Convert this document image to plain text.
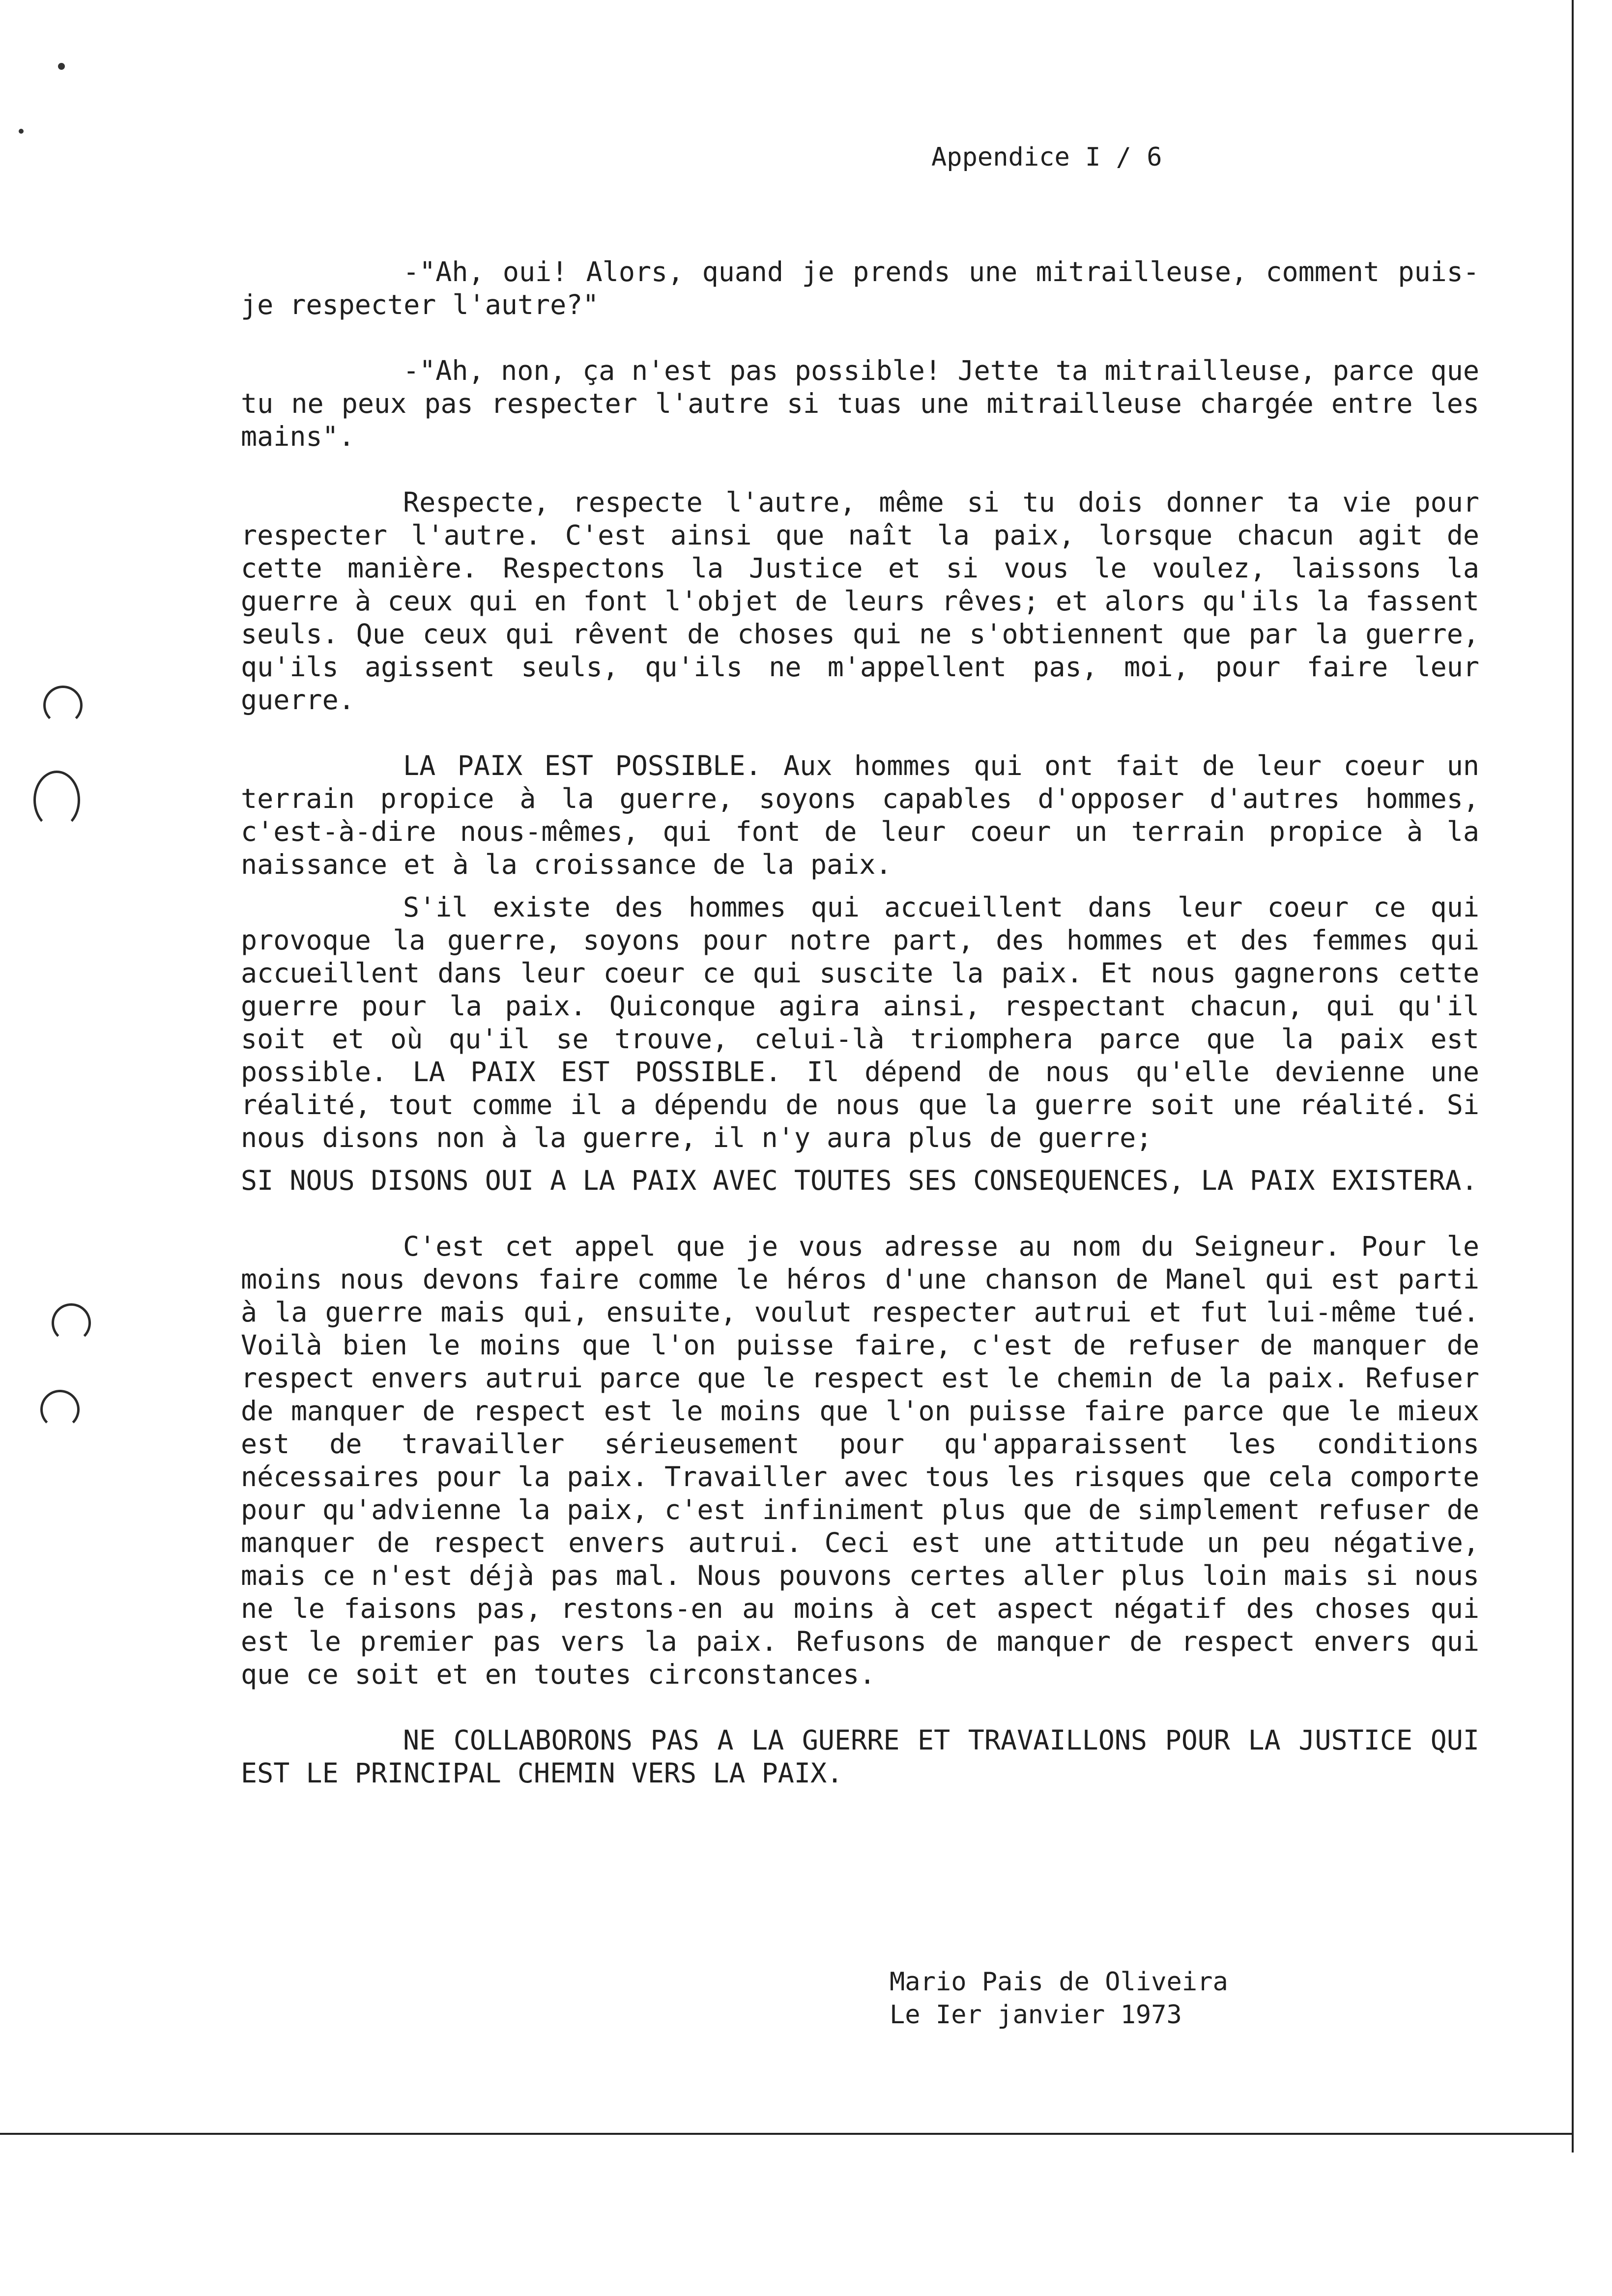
Appendice I / 6

-"Ah, oui! Alors, quand je prends une mitrailleuse, comment puis-je respecter l'autre?"

-"Ah, non, ça n'est pas possible! Jette ta mitrailleuse, parce que tu ne peux pas respecter l'autre si tuas une mitrailleuse chargée entre les mains".

Respecte, respecte l'autre, même si tu dois donner ta vie pour respecter l'autre. C'est ainsi que naît la paix, lorsque chacun agit de cette manière. Respectons la Justice et si vous le voulez, laissons la guerre à ceux qui en font l'objet de leurs rêves; et alors qu'ils la fassent seuls. Que ceux qui rêvent de choses qui ne s'obtiennent que par la guerre, qu'ils agissent seuls, qu'ils ne m'appellent pas, moi, pour faire leur guerre.

LA PAIX EST POSSIBLE. Aux hommes qui ont fait de leur coeur un terrain propice à la guerre, soyons capables d'opposer d'autres hommes, c'est-à-dire nous-mêmes, qui font de leur coeur un terrain propice à la naissance et à la croissance de la paix.

S'il existe des hommes qui accueillent dans leur coeur ce qui provoque la guerre, soyons pour notre part, des hommes et des femmes qui accueillent dans leur coeur ce qui suscite la paix. Et nous gagnerons cette guerre pour la paix. Quiconque agira ainsi, respectant chacun, qui qu'il soit et où qu'il se trouve, celui-là triomphera parce que la paix est possible. LA PAIX EST POSSIBLE. Il dépend de nous qu'elle devienne une réalité, tout comme il a dépendu de nous que la guerre soit une réalité. Si nous disons non à la guerre, il n'y aura plus de guerre;

SI NOUS DISONS OUI A LA PAIX AVEC TOUTES SES CONSEQUENCES, LA PAIX EXISTERA.

C'est cet appel que je vous adresse au nom du Seigneur. Pour le moins nous devons faire comme le héros d'une chanson de Manel qui est parti à la guerre mais qui, ensuite, voulut respecter autrui et fut lui-même tué. Voilà bien le moins que l'on puisse faire, c'est de refuser de manquer de respect envers autrui parce que le respect est le chemin de la paix. Refuser de manquer de respect est le moins que l'on puisse faire parce que le mieux est de travailler sérieusement pour qu'apparaissent les conditions nécessaires pour la paix. Travailler avec tous les risques que cela comporte pour qu'advienne la paix, c'est infiniment plus que de simplement refuser de manquer de respect envers autrui. Ceci est une attitude un peu négative, mais ce n'est déjà pas mal. Nous pouvons certes aller plus loin mais si nous ne le faisons pas, restons-en au moins à cet aspect négatif des choses qui est le premier pas vers la paix. Refusons de manquer de respect envers qui que ce soit et en toutes circonstances.

NE COLLABORONS PAS A LA GUERRE ET TRAVAILLONS POUR LA JUSTICE QUI EST LE PRINCIPAL CHEMIN VERS LA PAIX.

Mario Pais de Oliveira
Le Ier janvier 1973
